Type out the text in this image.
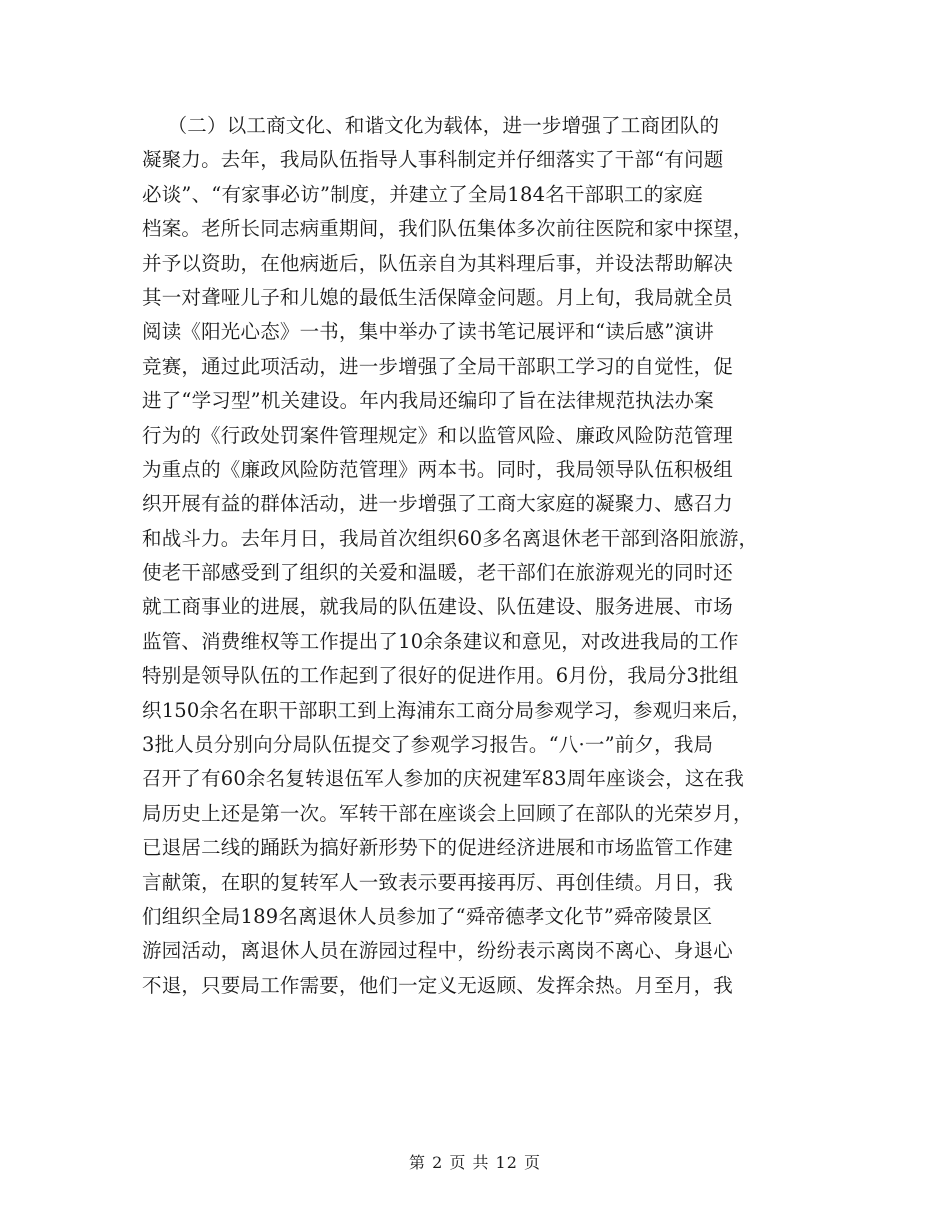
（二）以工商文化、和谐文化为载体，进一步增强了工商团队的
凝聚力。去年，我局队伍指导人事科制定并仔细落实了干部“有问题
必谈”、“有家事必访”制度，并建立了全局184名干部职工的家庭
档案。老所长同志病重期间，我们队伍集体多次前往医院和家中探望，
并予以资助，在他病逝后，队伍亲自为其料理后事，并设法帮助解决
其一对聋哑儿子和儿媳的最低生活保障金问题。月上旬，我局就全员
阅读《阳光心态》一书，集中举办了读书笔记展评和“读后感”演讲
竞赛，通过此项活动，进一步增强了全局干部职工学习的自觉性，促
进了“学习型”机关建设。年内我局还编印了旨在法律规范执法办案
行为的《行政处罚案件管理规定》和以监管风险、廉政风险防范管理
为重点的《廉政风险防范管理》两本书。同时，我局领导队伍积极组
织开展有益的群体活动，进一步增强了工商大家庭的凝聚力、感召力
和战斗力。去年月日，我局首次组织60多名离退休老干部到洛阳旅游，
使老干部感受到了组织的关爱和温暖，老干部们在旅游观光的同时还
就工商事业的进展，就我局的队伍建设、队伍建设、服务进展、市场
监管、消费维权等工作提出了10余条建议和意见，对改进我局的工作
特别是领导队伍的工作起到了很好的促进作用。6月份，我局分3批组
织150余名在职干部职工到上海浦东工商分局参观学习，参观归来后，
3批人员分别向分局队伍提交了参观学习报告。“八·一”前夕，我局
召开了有60余名复转退伍军人参加的庆祝建军83周年座谈会，这在我
局历史上还是第一次。军转干部在座谈会上回顾了在部队的光荣岁月，
已退居二线的踊跃为搞好新形势下的促进经济进展和市场监管工作建
言献策，在职的复转军人一致表示要再接再厉、再创佳绩。月日，我
们组织全局189名离退休人员参加了“舜帝德孝文化节”舜帝陵景区
游园活动，离退休人员在游园过程中，纷纷表示离岗不离心、身退心
不退，只要局工作需要，他们一定义无返顾、发挥余热。月至月，我
第 2 页 共 12 页
